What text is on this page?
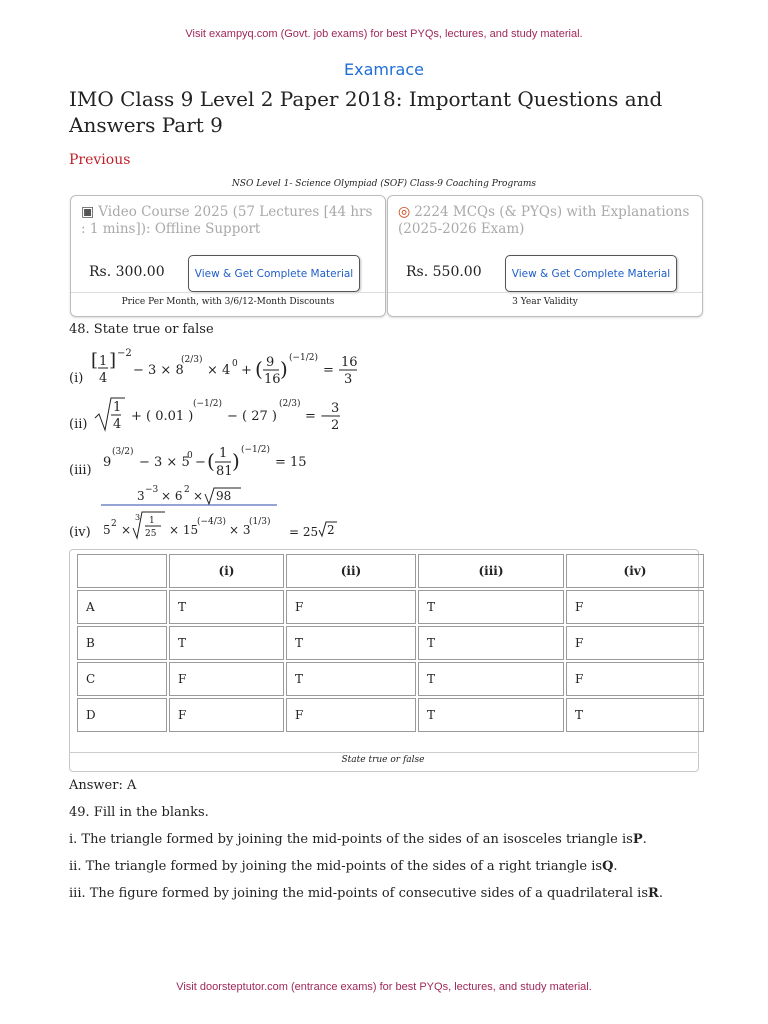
Visit exampyq.com (Govt. job exams) for best PYQs, lectures, and study material.
Examrace
IMO Class 9 Level 2 Paper 2018: Important Questions and Answers Part 9
Previous
NSO Level 1- Science Olympiad (SOF) Class-9 Coaching Programs
▣ Video Course 2025 (57 Lectures [44 hrs : 1 mins]): Offline Support
Rs. 300.00	View & Get Complete Material
Price Per Month, with 3/6/12-Month Discounts
◎ 2224 MCQs (& PYQs) with Explanations (2025-2026 Exam)
Rs. 550.00	View & Get Complete Material
3 Year Validity
48. State true or false
(i)
[ 1
4
] −2
− 3 × 8
(2/3)
× 4 0 + ( 9
16 ) (−1/2)
=
16
3
(ii)
1
4
+ ( 0.01 )
(−1/2)
− ( 27 )
(2/3)
= −
3
2
(iii)
9
(3/2)
− 3 × 5
0 − ( 1
81 ) (−1/2)
= 15
(iv)
3 −3 × 6 2 × 98
5 2 ×
3 1
25 × 15
(−4/3)
× 3
(1/3)
= 25 2
	(i)	(ii)	(iii)	(iv)
A	T	F	T	F
B	T	T	T	F
C	F	T	T	F
D	F	F	T	T
State true or false
Answer: A
49. Fill in the blanks.
i. The triangle formed by joining the mid-points of the sides of an isosceles triangle isP.
ii. The triangle formed by joining the mid-points of the sides of a right triangle isQ.
iii. The figure formed by joining the mid-points of consecutive sides of a quadrilateral isR.
Visit doorsteptutor.com (entrance exams) for best PYQs, lectures, and study material.
